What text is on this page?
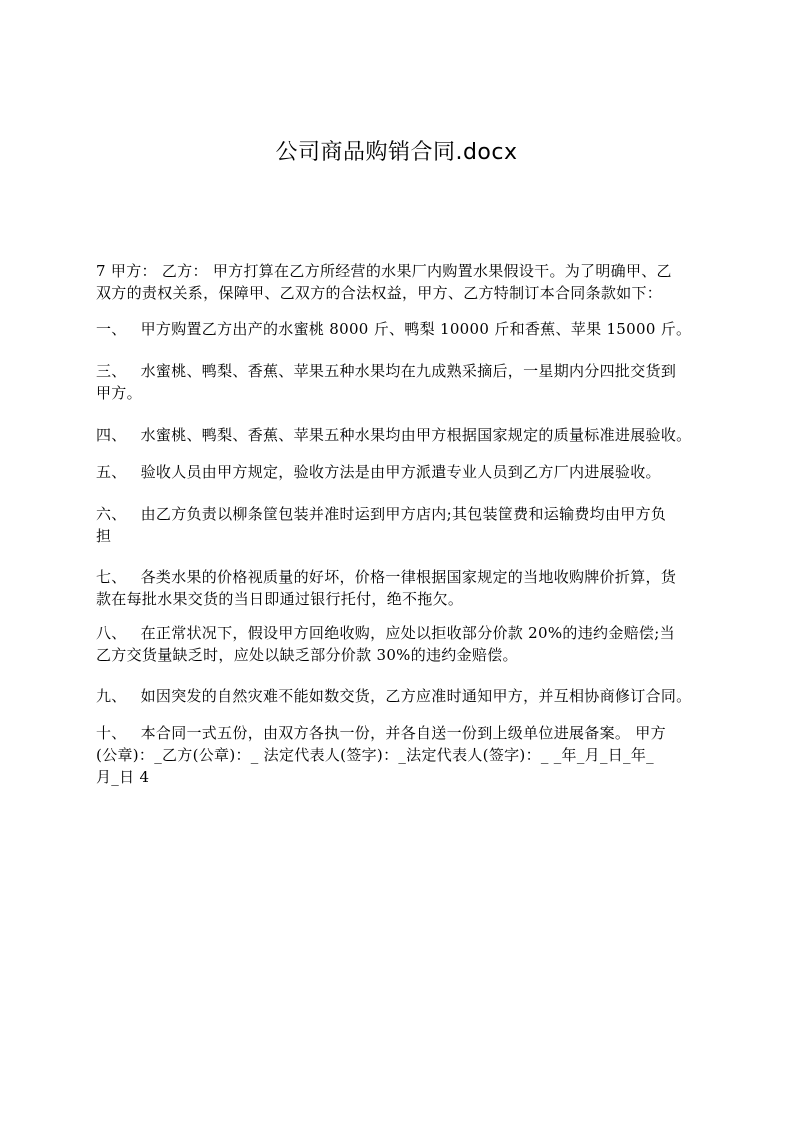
公司商品购销合同.docx
7 甲方： 乙方： 甲方打算在乙方所经营的水果厂内购置水果假设干。为了明确甲、乙
双方的责权关系，保障甲、乙双方的合法权益，甲方、乙方特制订本合同条款如下：
一、 甲方购置乙方出产的水蜜桃 8000 斤、鸭梨 10000 斤和香蕉、苹果 15000 斤。
三、 水蜜桃、鸭梨、香蕉、苹果五种水果均在九成熟采摘后，一星期内分四批交货到
甲方。
四、 水蜜桃、鸭梨、香蕉、苹果五种水果均由甲方根据国家规定的质量标准进展验收。
五、 验收人员由甲方规定，验收方法是由甲方派遣专业人员到乙方厂内进展验收。
六、 由乙方负责以柳条筐包装并准时运到甲方店内;其包装筐费和运输费均由甲方负
担
七、 各类水果的价格视质量的好坏，价格一律根据国家规定的当地收购牌价折算，货
款在每批水果交货的当日即通过银行托付，绝不拖欠。
八、 在正常状况下，假设甲方回绝收购，应处以拒收部分价款 20%的违约金赔偿;当
乙方交货量缺乏时，应处以缺乏部分价款 30%的违约金赔偿。
九、 如因突发的自然灾难不能如数交货，乙方应准时通知甲方，并互相协商修订合同。
十、 本合同一式五份，由双方各执一份，并各自送一份到上级单位进展备案。 甲方
(公章)：_乙方(公章)：_ 法定代表人(签字)：_法定代表人(签字)：_ _年_月_日_年_
月_日 4
